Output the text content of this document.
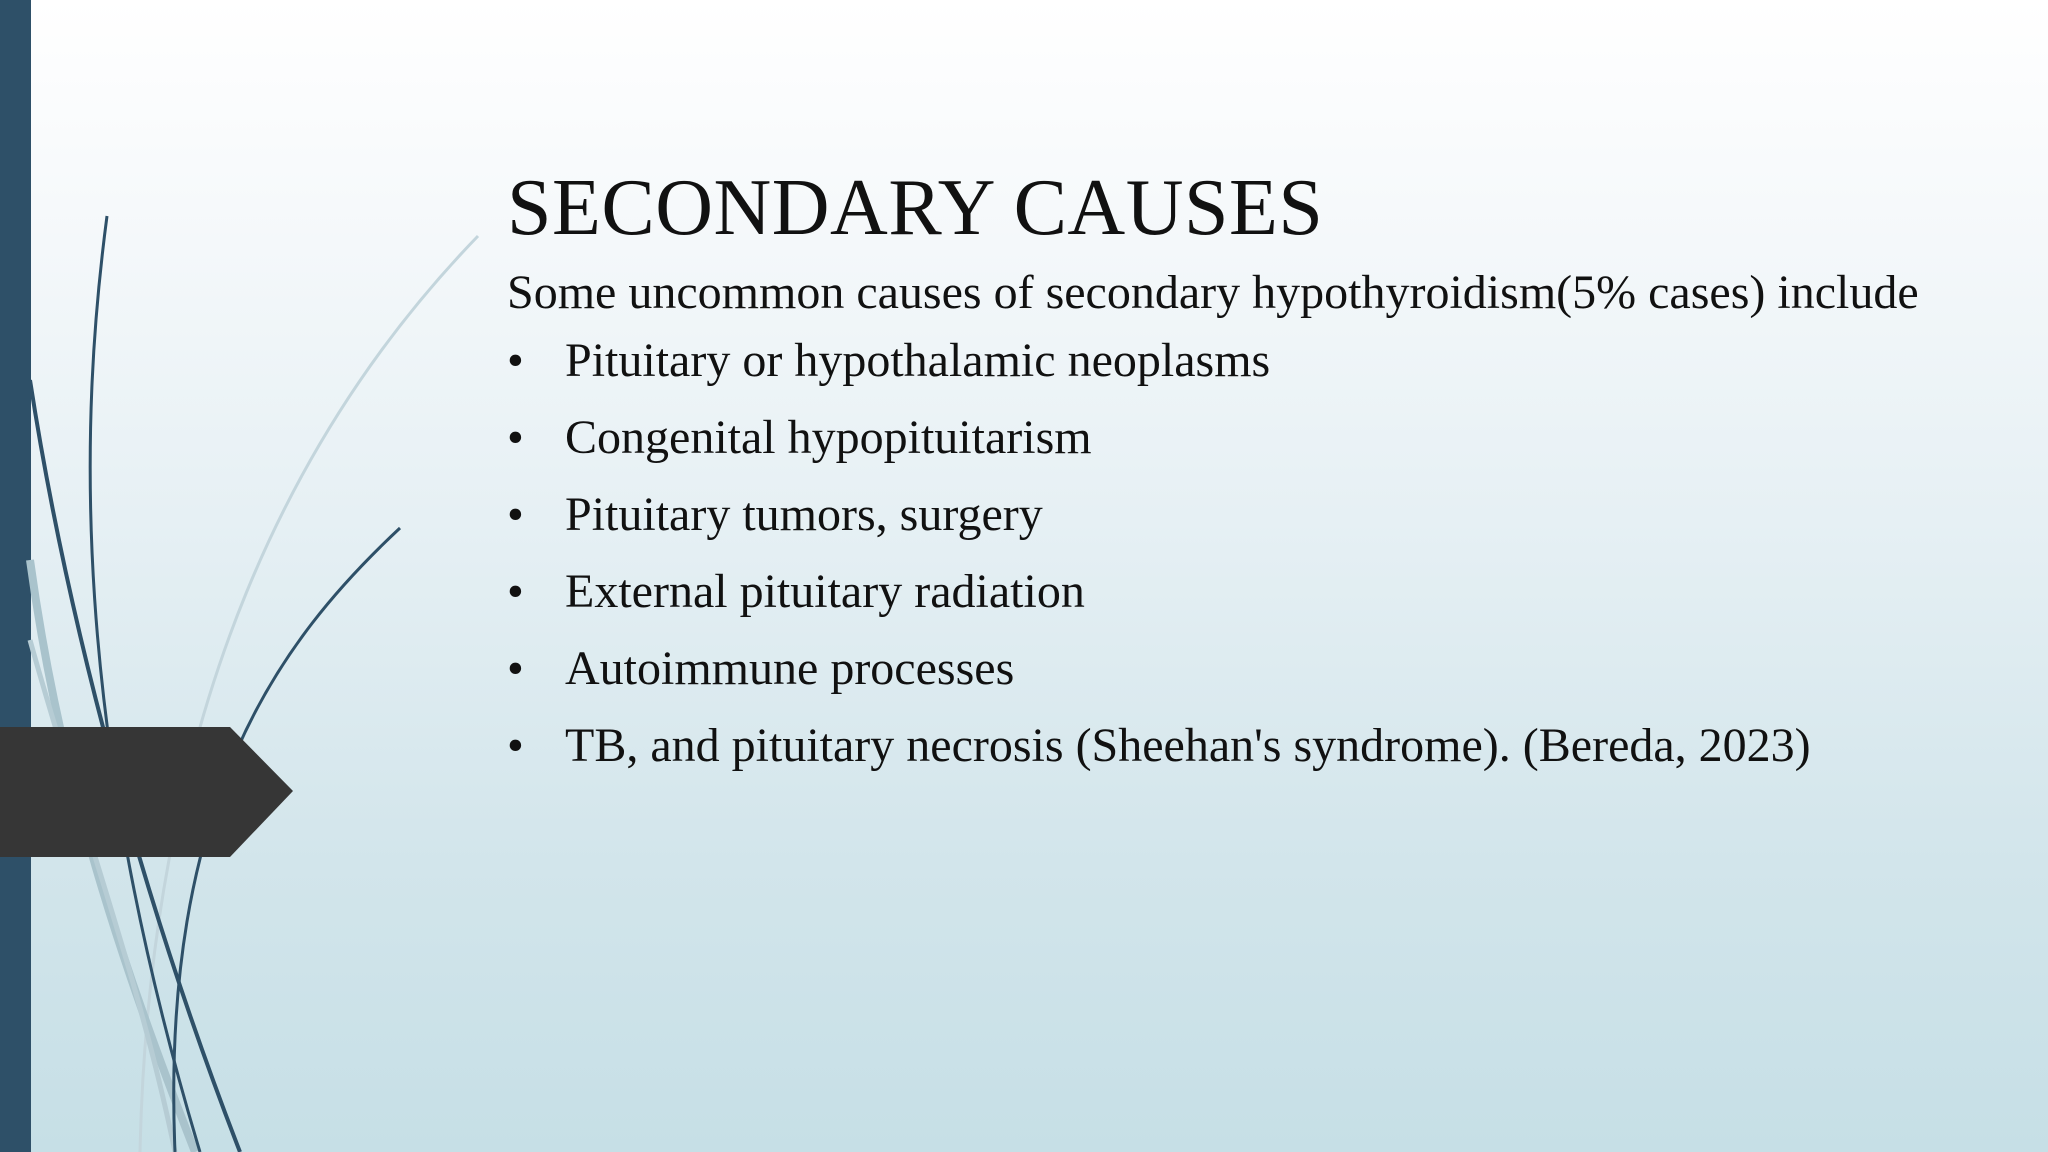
SECONDARY CAUSES

Some uncommon causes of secondary hypothyroidism(5% cases) include

• Pituitary or hypothalamic neoplasms
• Congenital hypopituitarism
• Pituitary tumors, surgery
• External pituitary radiation
• Autoimmune processes
• TB, and pituitary necrosis (Sheehan's syndrome). (Bereda, 2023)
